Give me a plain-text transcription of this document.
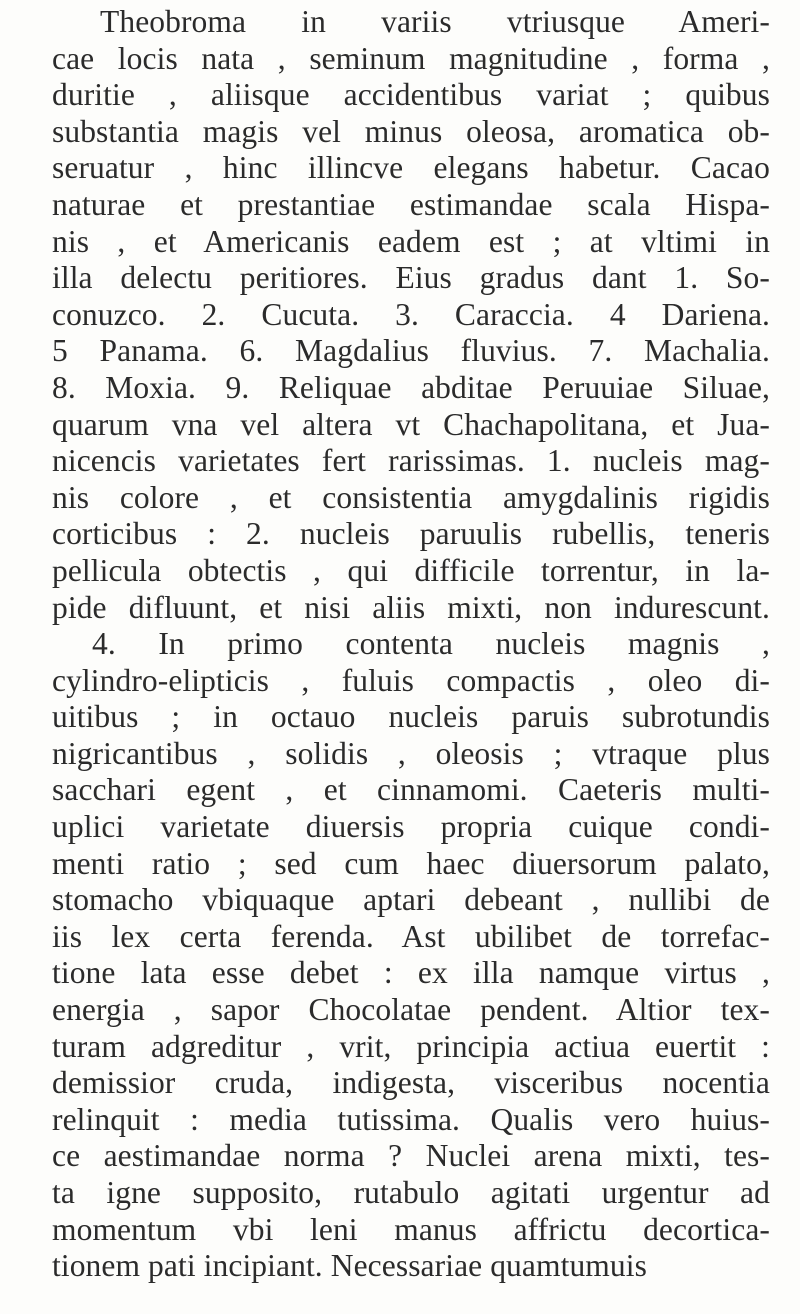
Theobroma in variis vtriusque Ameri-
cae locis nata , seminum magnitudine , forma ,
duritie , aliisque accidentibus variat ; quibus
substantia magis vel minus oleosa, aromatica ob-
seruatur , hinc illincve elegans habetur. Cacao
naturae et prestantiae estimandae scala Hispa-
nis , et Americanis eadem est ; at vltimi in
illa delectu peritiores. Eius gradus dant 1. So-
conuzco. 2. Cucuta. 3. Caraccia. 4 Dariena.
5 Panama. 6. Magdalius fluvius. 7. Machalia.
8. Moxia. 9. Reliquae abditae Peruuiae Siluae,
quarum vna vel altera vt Chachapolitana, et Jua-
nicencis varietates fert rarissimas. 1. nucleis mag-
nis colore , et consistentia amygdalinis rigidis
corticibus : 2. nucleis paruulis rubellis, teneris
pellicula obtectis , qui difficile torrentur, in la-
pide difluunt, et nisi aliis mixti, non indurescunt.
4. In primo contenta nucleis magnis ,
cylindro-elipticis , fuluis compactis , oleo di-
uitibus ; in octauo nucleis paruis subrotundis
nigricantibus , solidis , oleosis ; vtraque plus
sacchari egent , et cinnamomi. Caeteris multi-
uplici varietate diuersis propria cuique condi-
menti ratio ; sed cum haec diuersorum palato,
stomacho vbiquaque aptari debeant , nullibi de
iis lex certa ferenda. Ast ubilibet de torrefac-
tione lata esse debet : ex illa namque virtus ,
energia , sapor Chocolatae pendent. Altior tex-
turam adgreditur , vrit, principia actiua euertit :
demissior cruda, indigesta, visceribus nocentia
relinquit : media tutissima. Qualis vero huius-
ce aestimandae norma ? Nuclei arena mixti, tes-
ta igne supposito, rutabulo agitati urgentur ad
momentum vbi leni manus affrictu decortica-
tionem pati incipiant. Necessariae quamtumuis
